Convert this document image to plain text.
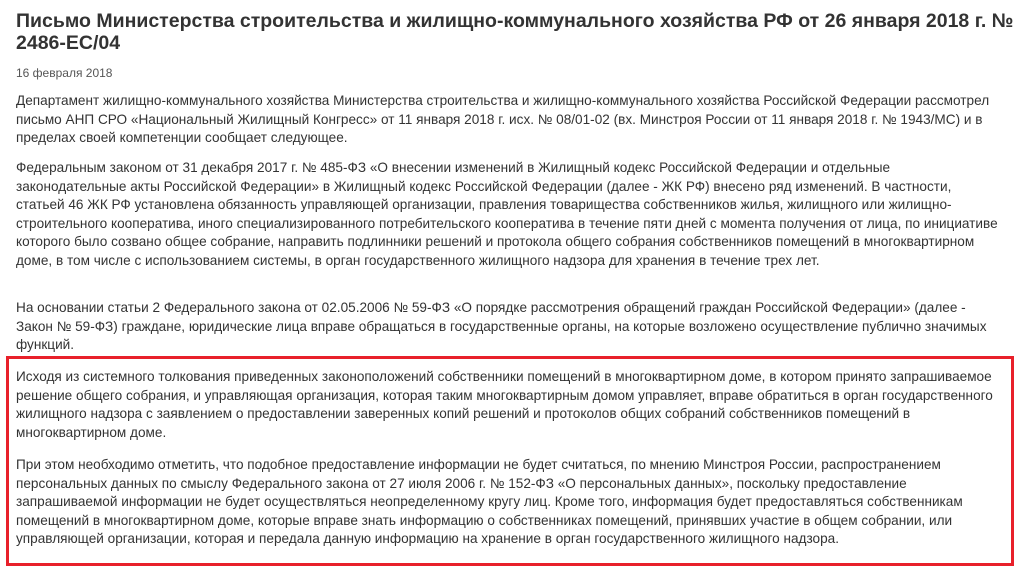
Письмо Министерства строительства и жилищно-коммунального хозяйства РФ от 26 января 2018 г. № 2486-ЕС/04
16 февраля 2018

Департамент жилищно-коммунального хозяйства Министерства строительства и жилищно-коммунального хозяйства Российской Федерации рассмотрел письмо АНП СРО «Национальный Жилищный Конгресс» от 11 января 2018 г. исх. № 08/01-02 (вх. Минстроя России от 11 января 2018 г. № 1943/МС) и в пределах своей компетенции сообщает следующее.

Федеральным законом от 31 декабря 2017 г. № 485-ФЗ «О внесении изменений в Жилищный кодекс Российской Федерации и отдельные законодательные акты Российской Федерации» в Жилищный кодекс Российской Федерации (далее - ЖК РФ) внесено ряд изменений. В частности, статьей 46 ЖК РФ установлена обязанность управляющей организации, правления товарищества собственников жилья, жилищного или жилищно-строительного кооператива, иного специализированного потребительского кооператива в течение пяти дней с момента получения от лица, по инициативе которого было созвано общее собрание, направить подлинники решений и протокола общего собрания собственников помещений в многоквартирном доме, в том числе с использованием системы, в орган государственного жилищного надзора для хранения в течение трех лет.

На основании статьи 2 Федерального закона от 02.05.2006 № 59-ФЗ «О порядке рассмотрения обращений граждан Российской Федерации» (далее - Закон № 59-ФЗ) граждане, юридические лица вправе обращаться в государственные органы, на которые возложено осуществление публично значимых функций.

Исходя из системного толкования приведенных законоположений собственники помещений в многоквартирном доме, в котором принято запрашиваемое решение общего собрания, и управляющая организация, которая таким многоквартирным домом управляет, вправе обратиться в орган государственного жилищного надзора с заявлением о предоставлении заверенных копий решений и протоколов общих собраний собственников помещений в многоквартирном доме.

При этом необходимо отметить, что подобное предоставление информации не будет считаться, по мнению Минстроя России, распространением персональных данных по смыслу Федерального закона от 27 июля 2006 г. № 152-ФЗ «О персональных данных», поскольку предоставление запрашиваемой информации не будет осуществляться неопределенному кругу лиц. Кроме того, информация будет предоставляться собственникам помещений в многоквартирном доме, которые вправе знать информацию о собственниках помещений, принявших участие в общем собрании, или управляющей организации, которая и передала данную информацию на хранение в орган государственного жилищного надзора.
